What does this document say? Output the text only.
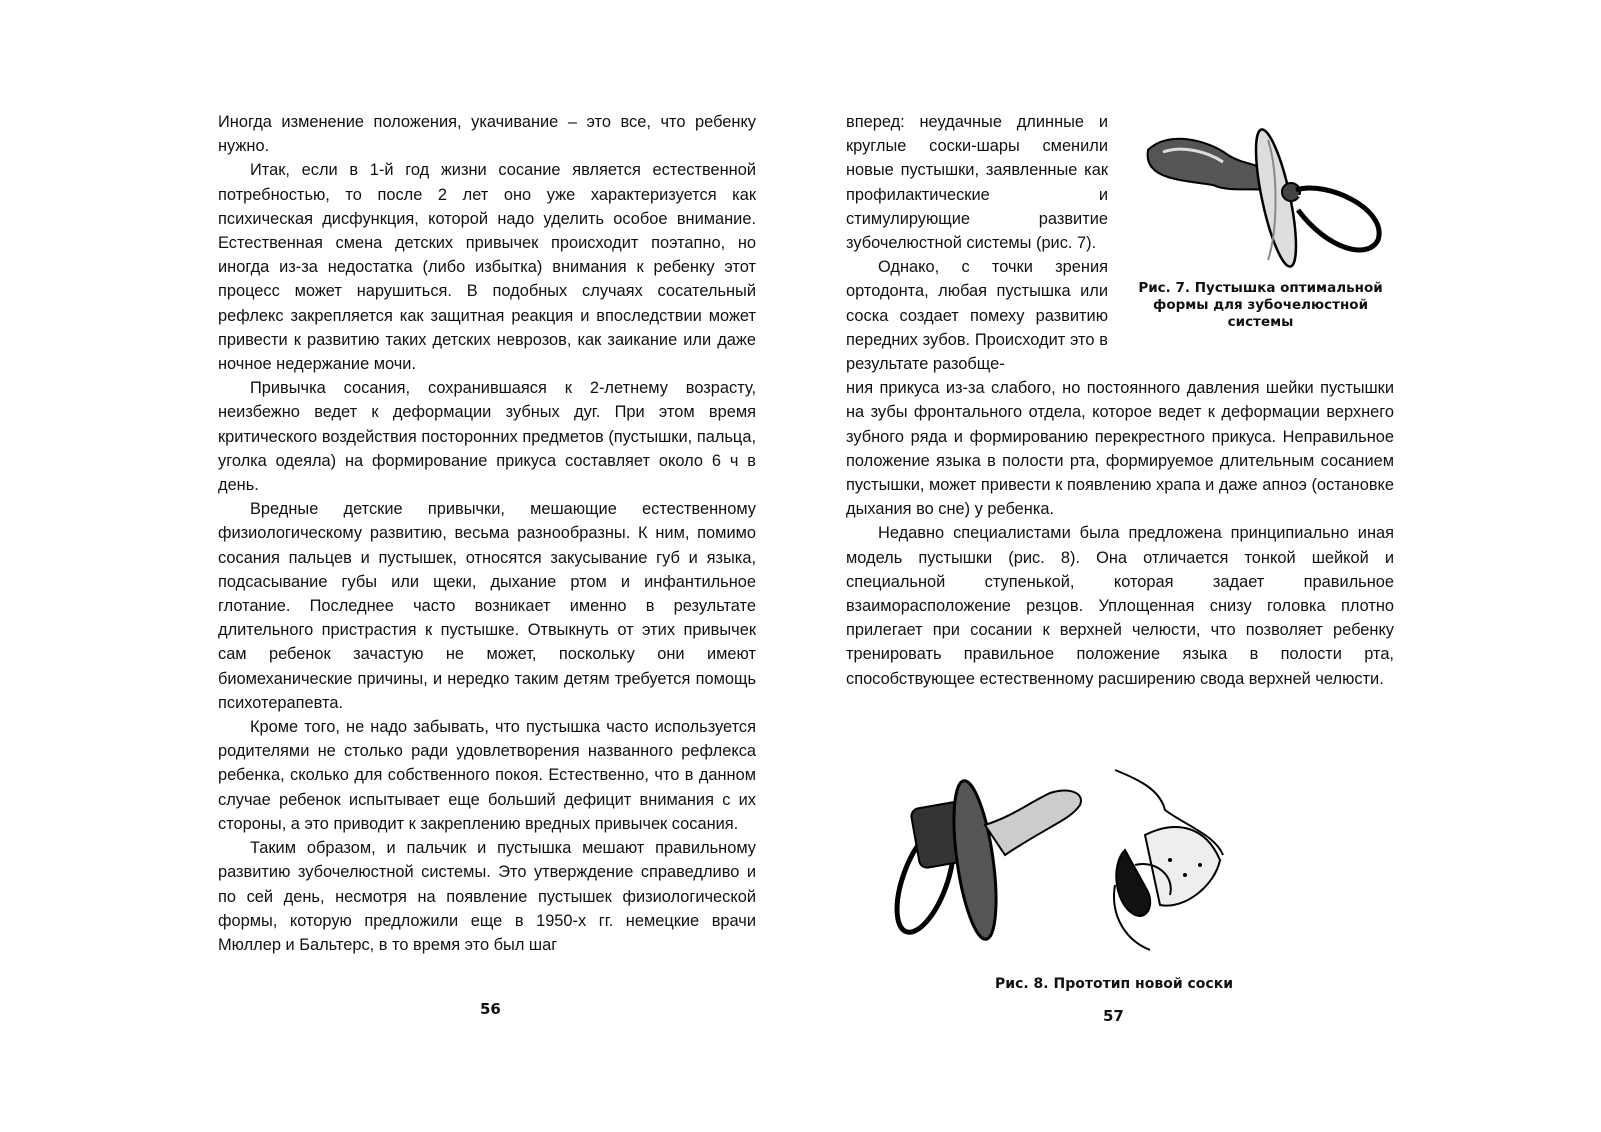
Иногда изменение положения, укачивание – это все, что ребенку нужно.

Итак, если в 1-й год жизни сосание является естественной потребностью, то после 2 лет оно уже характеризуется как психическая дисфункция, которой надо уделить особое внимание. Естественная смена детских привычек происходит поэтапно, но иногда из-за недостатка (либо избытка) внимания к ребенку этот процесс может нарушиться. В подобных случаях сосательный рефлекс закрепляется как защитная реакция и впоследствии может привести к развитию таких детских неврозов, как заикание или даже ночное недержание мочи.

Привычка сосания, сохранившаяся к 2-летнему возрасту, неизбежно ведет к деформации зубных дуг. При этом время критического воздействия посторонних предметов (пустышки, пальца, уголка одеяла) на формирование прикуса составляет около 6 ч в день.

Вредные детские привычки, мешающие естественному физиологическому развитию, весьма разнообразны. К ним, помимо сосания пальцев и пустышек, относятся закусывание губ и языка, подсасывание губы или щеки, дыхание ртом и инфантильное глотание. Последнее часто возникает именно в результате длительного пристрастия к пустышке. Отвыкнуть от этих привычек сам ребенок зачастую не может, поскольку они имеют биомеханические причины, и нередко таким детям требуется помощь психотерапевта.

Кроме того, не надо забывать, что пустышка часто используется родителями не столько ради удовлетворения названного рефлекса ребенка, сколько для собственного покоя. Естественно, что в данном случае ребенок испытывает еще больший дефицит внимания с их стороны, а это приводит к закреплению вредных привычек сосания.

Таким образом, и пальчик и пустышка мешают правильному развитию зубочелюстной системы. Это утверждение справедливо и по сей день, несмотря на появление пустышек физиологической формы, которую предложили еще в 1950-х гг. немецкие врачи Мюллер и Бальтерс, в то время это был шаг

56

вперед: неудачные длинные и круглые соски-шары сменили новые пустышки, заявленные как профилактические и стимулирующие развитие зубочелюстной системы (рис. 7).

Однако, с точки зрения ортодонта, любая пустышка или соска создает помеху развитию передних зубов. Происходит это в результате разобще-

Рис. 7. Пустышка оптимальной формы для зубочелюстной системы

ния прикуса из-за слабого, но постоянного давления шейки пустышки на зубы фронтального отдела, которое ведет к деформации верхнего зубного ряда и формированию перекрестного прикуса. Неправильное положение языка в полости рта, формируемое длительным сосанием пустышки, может привести к появлению храпа и даже апноэ (остановке дыхания во сне) у ребенка.

Недавно специалистами была предложена принципиально иная модель пустышки (рис. 8). Она отличается тонкой шейкой и специальной ступенькой, которая задает правильное взаиморасположение резцов. Уплощенная снизу головка плотно прилегает при сосании к верхней челюсти, что позволяет ребенку тренировать правильное положение языка в полости рта, способствующее естественному расширению свода верхней челюсти.

Рис. 8. Прототип новой соски
57
